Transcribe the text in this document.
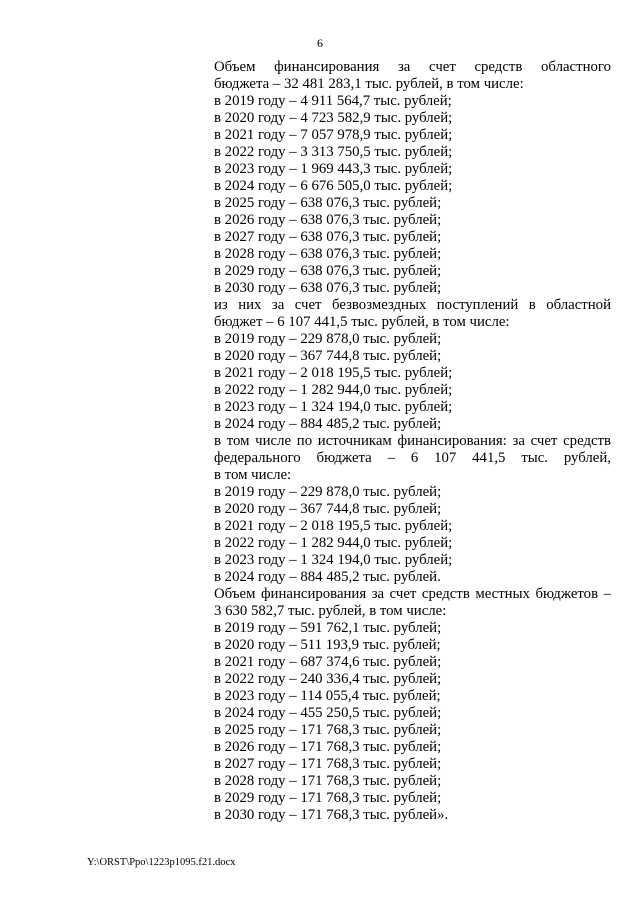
6
Объем финансирования за счет средств областного
бюджета – 32 481 283,1 тыс. рублей, в том числе:
в 2019 году – 4 911 564,7 тыс. рублей;
в 2020 году – 4 723 582,9 тыс. рублей;
в 2021 году – 7 057 978,9 тыс. рублей;
в 2022 году – 3 313 750,5 тыс. рублей;
в 2023 году – 1 969 443,3 тыс. рублей;
в 2024 году – 6 676 505,0 тыс. рублей;
в 2025 году – 638 076,3 тыс. рублей;
в 2026 году – 638 076,3 тыс. рублей;
в 2027 году – 638 076,3 тыс. рублей;
в 2028 году – 638 076,3 тыс. рублей;
в 2029 году – 638 076,3 тыс. рублей;
в 2030 году – 638 076,3 тыс. рублей;
из них за счет безвозмездных поступлений в областной
бюджет – 6 107 441,5 тыс. рублей, в том числе:
в 2019 году – 229 878,0 тыс. рублей;
в 2020 году – 367 744,8 тыс. рублей;
в 2021 году – 2 018 195,5 тыс. рублей;
в 2022 году – 1 282 944,0 тыс. рублей;
в 2023 году – 1 324 194,0 тыс. рублей;
в 2024 году – 884 485,2 тыс. рублей;
в том числе по источникам финансирования: за счет средств
федерального бюджета – 6 107 441,5 тыс. рублей,
в том числе:
в 2019 году – 229 878,0 тыс. рублей;
в 2020 году – 367 744,8 тыс. рублей;
в 2021 году – 2 018 195,5 тыс. рублей;
в 2022 году – 1 282 944,0 тыс. рублей;
в 2023 году – 1 324 194,0 тыс. рублей;
в 2024 году – 884 485,2 тыс. рублей.
Объем финансирования за счет средств местных бюджетов –
3 630 582,7 тыс. рублей, в том числе:
в 2019 году – 591 762,1 тыс. рублей;
в 2020 году – 511 193,9 тыс. рублей;
в 2021 году – 687 374,6 тыс. рублей;
в 2022 году – 240 336,4 тыс. рублей;
в 2023 году – 114 055,4 тыс. рублей;
в 2024 году – 455 250,5 тыс. рублей;
в 2025 году – 171 768,3 тыс. рублей;
в 2026 году – 171 768,3 тыс. рублей;
в 2027 году – 171 768,3 тыс. рублей;
в 2028 году – 171 768,3 тыс. рублей;
в 2029 году – 171 768,3 тыс. рублей;
в 2030 году – 171 768,3 тыс. рублей».
Y:\ORST\Ppo\1223p1095.f21.docx
